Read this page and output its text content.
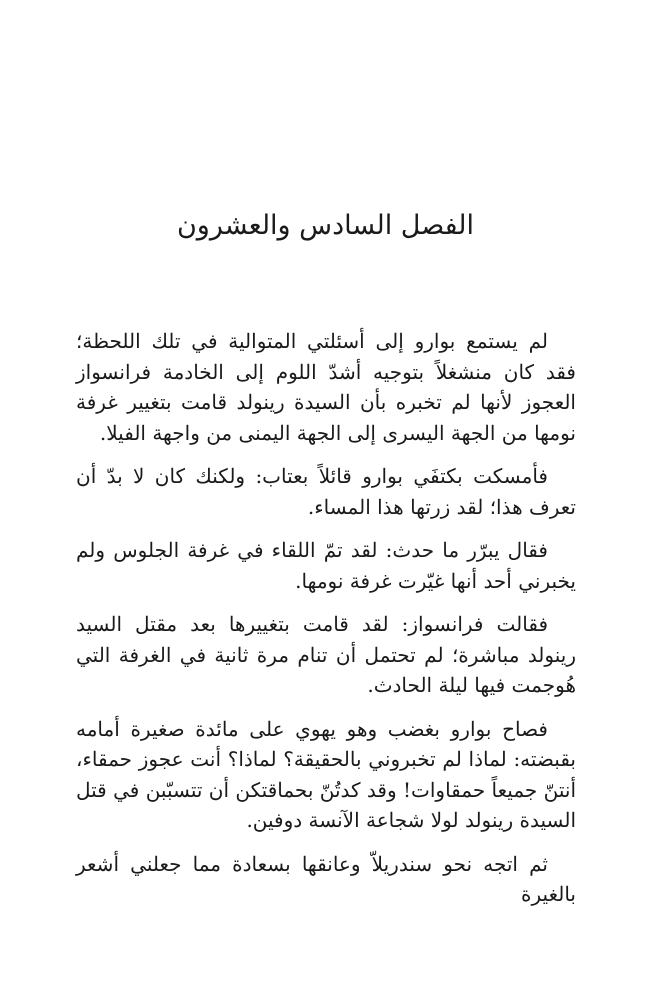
الفصل السادس والعشرون

لم يستمع بوارو إلى أسئلتي المتوالية في تلك اللحظة؛ فقد كان منشغلاً بتوجيه أشدّ اللوم إلى الخادمة فرانسواز العجوز لأنها لم تخبره بأن السيدة رينولد قامت بتغيير غرفة نومها من الجهة اليسرى إلى الجهة اليمنى من واجهة الفيلا.

فأمسكت بكتفَي بوارو قائلاً بعتاب: ولكنك كان لا بدّ أن تعرف هذا؛ لقد زرتها هذا المساء.

فقال يبرّر ما حدث: لقد تمّ اللقاء في غرفة الجلوس ولم يخبرني أحد أنها غيّرت غرفة نومها.

فقالت فرانسواز: لقد قامت بتغييرها بعد مقتل السيد رينولد مباشرة؛ لم تحتمل أن تنام مرة ثانية في الغرفة التي هُوجمت فيها ليلة الحادث.

فصاح بوارو بغضب وهو يهوي على مائدة صغيرة أمامه بقبضته: لماذا لم تخبروني بالحقيقة؟ لماذا؟ أنت عجوز حمقاء، أنتنّ جميعاً حمقاوات! وقد كدتُنّ بحماقتكن أن تتسبّبن في قتل السيدة رينولد لولا شجاعة الآنسة دوفين.

ثم اتجه نحو سندريلاّ وعانقها بسعادة مما جعلني أشعر بالغيرة
